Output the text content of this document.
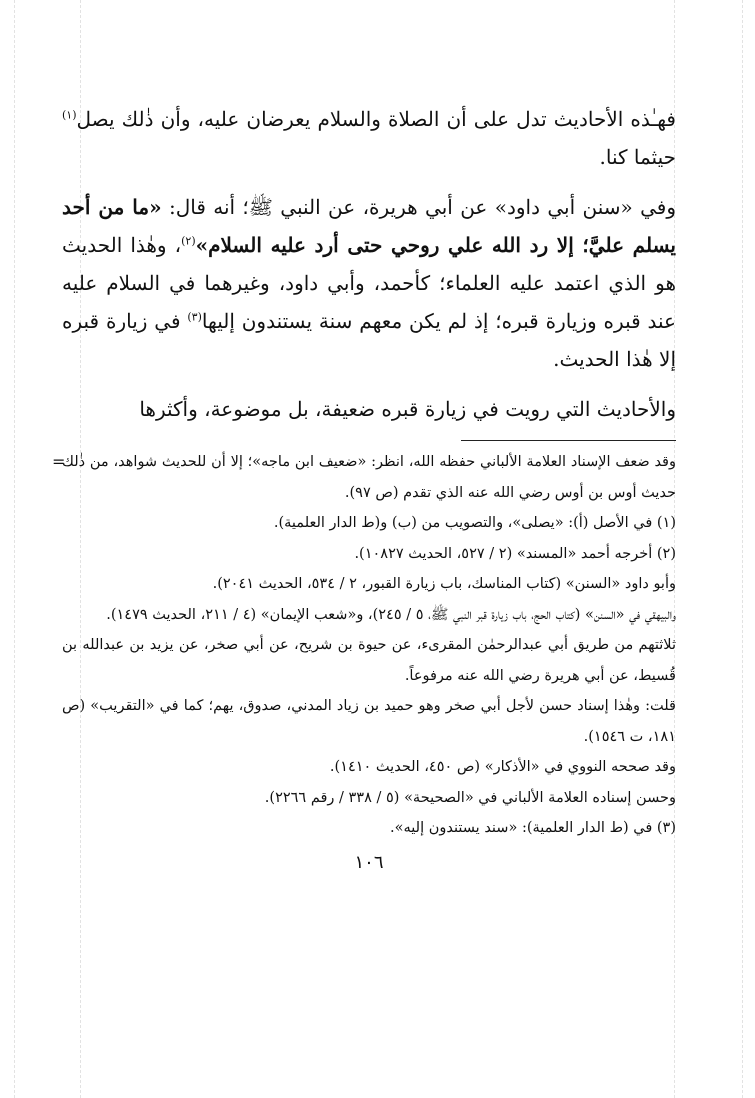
فهـٰذه الأحاديث تدل على أن الصلاة والسلام يعرضان عليه، وأن ذٰلك يصل$^{(١)}$ حيثما كنا.

وفي «سنن أبي داود» عن أبي هريرة، عن النبي ﷺ؛ أنه قال: «ما من أحد يسلم عليَّ؛ إلا رد الله علي روحي حتى أرد عليه السلام»$^{(٢)}$، وهٰذا الحديث هو الذي اعتمد عليه العلماء؛ كأحمد، وأبي داود، وغيرهما في السلام عليه عند قبره وزيارة قبره؛ إذ لم يكن معهم سنة يستندون إليها$^{(٣)}$ في زيارة قبره إلا هٰذا الحديث.

والأحاديث التي رويت في زيارة قبره ضعيفة، بل موضوعة، وأكثرها

=

وقد ضعف الإسناد العلامة الألباني حفظه الله، انظر: «ضعيف ابن ماجه»؛ إلا أن للحديث شواهد، من ذٰلك حديث أوس بن أوس رضي الله عنه الذي تقدم (ص ٩٧).

(١) في الأصل (أ): «يصلى»، والتصويب من (ب) و(ط الدار العلمية).

(٢) أخرجه أحمد «المسند» (٢ / ٥٢٧، الحديث ١٠٨٢٧).

وأبو داود «السنن» (كتاب المناسك، باب زيارة القبور، ٢ / ٥٣٤، الحديث ٢٠٤١).

والبيهقي في «السنن» (كتاب الحج، باب زيارة قبر النبي ﷺ، ٥ / ٢٤٥)، و«شعب الإيمان» (٤ / ٢١١، الحديث ١٤٧٩).

ثلاثتهم من طريق أبي عبدالرحمٰن المقرىء، عن حيوة بن شريح، عن أبي صخر، عن يزيد بن عبدالله بن قُسيط، عن أبي هريرة رضي الله عنه مرفوعاً.

قلت: وهٰذا إسناد حسن لأجل أبي صخر وهو حميد بن زياد المدني، صدوق، يهم؛ كما في «التقريب» (ص ١٨١، ت ١٥٤٦).

وقد صححه النووي في «الأذكار» (ص ٤٥٠، الحديث ١٤١٠).

وحسن إسناده العلامة الألباني في «الصحيحة» (٥ / ٣٣٨ / رقم ٢٢٦٦).

(٣) في (ط الدار العلمية): «سند يستندون إليه».

١٠٦
